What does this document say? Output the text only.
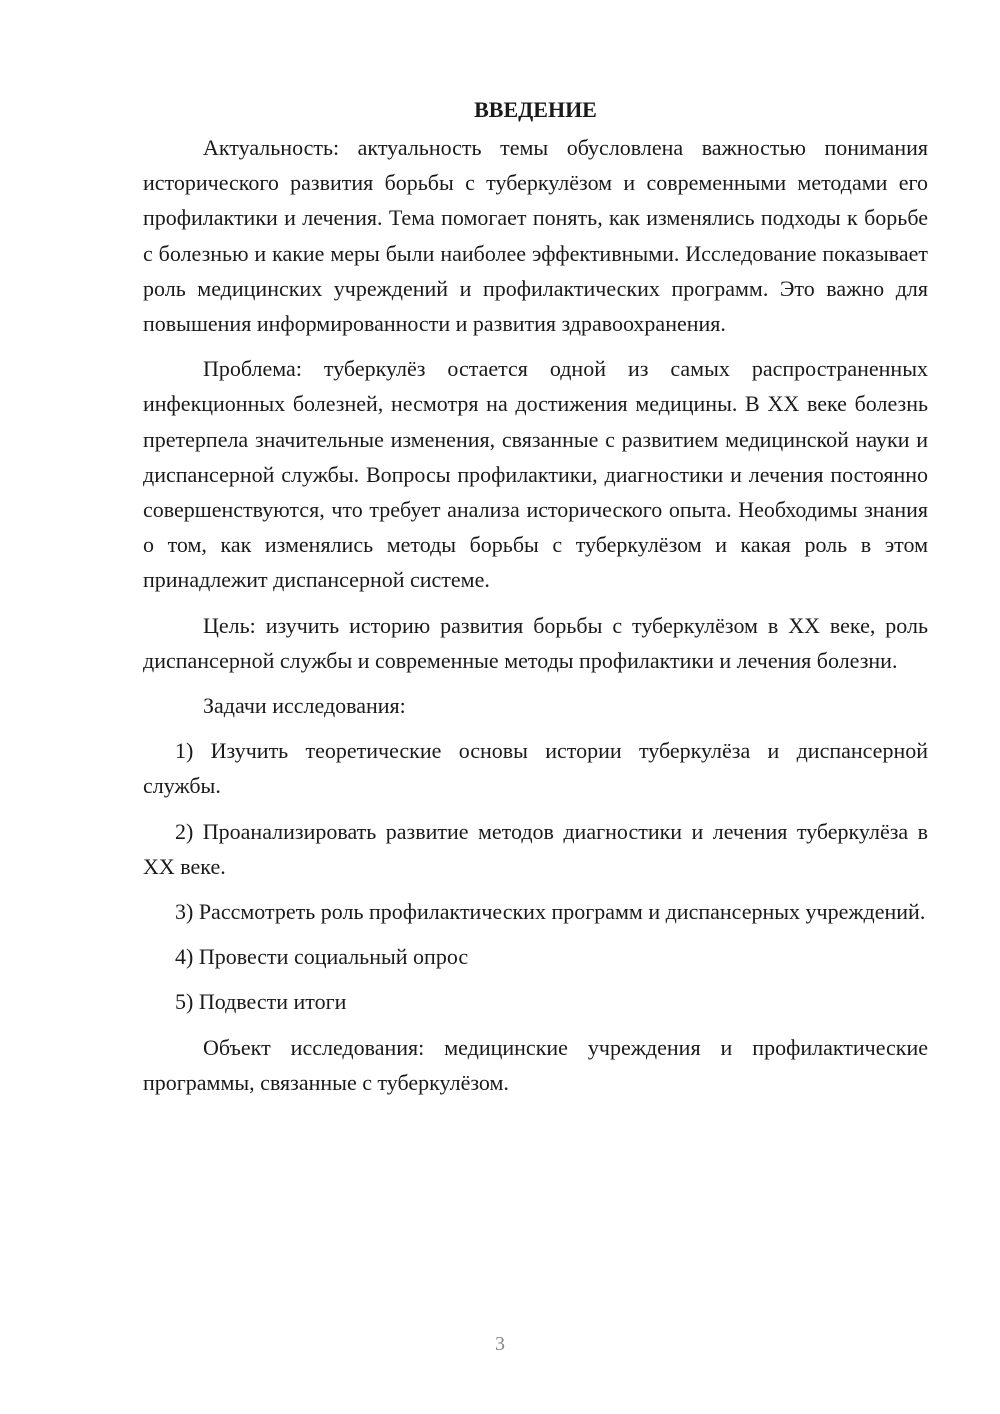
ВВЕДЕНИЕ

Актуальность: актуальность темы обусловлена важностью понимания исторического развития борьбы с туберкулёзом и современными методами его профилактики и лечения. Тема помогает понять, как изменялись подходы к борьбе с болезнью и какие меры были наиболее эффективными. Исследование показывает роль медицинских учреждений и профилактических программ. Это важно для повышения информированности и развития здравоохранения.

Проблема: туберкулёз остается одной из самых распространенных инфекционных болезней, несмотря на достижения медицины. В XX веке болезнь претерпела значительные изменения, связанные с развитием медицинской науки и диспансерной службы. Вопросы профилактики, диагностики и лечения постоянно совершенствуются, что требует анализа исторического опыта. Необходимы знания о том, как изменялись методы борьбы с туберкулёзом и какая роль в этом принадлежит диспансерной системе.

Цель: изучить историю развития борьбы с туберкулёзом в XX веке, роль диспансерной службы и современные методы профилактики и лечения болезни.

Задачи исследования:

1) Изучить теоретические основы истории туберкулёза и диспансерной службы.

2) Проанализировать развитие методов диагностики и лечения туберкулёза в XX веке.

3) Рассмотреть роль профилактических программ и диспансерных учреждений.

4) Провести социальный опрос

5) Подвести итоги

Объект исследования: медицинские учреждения и профилактические программы, связанные с туберкулёзом.

3
